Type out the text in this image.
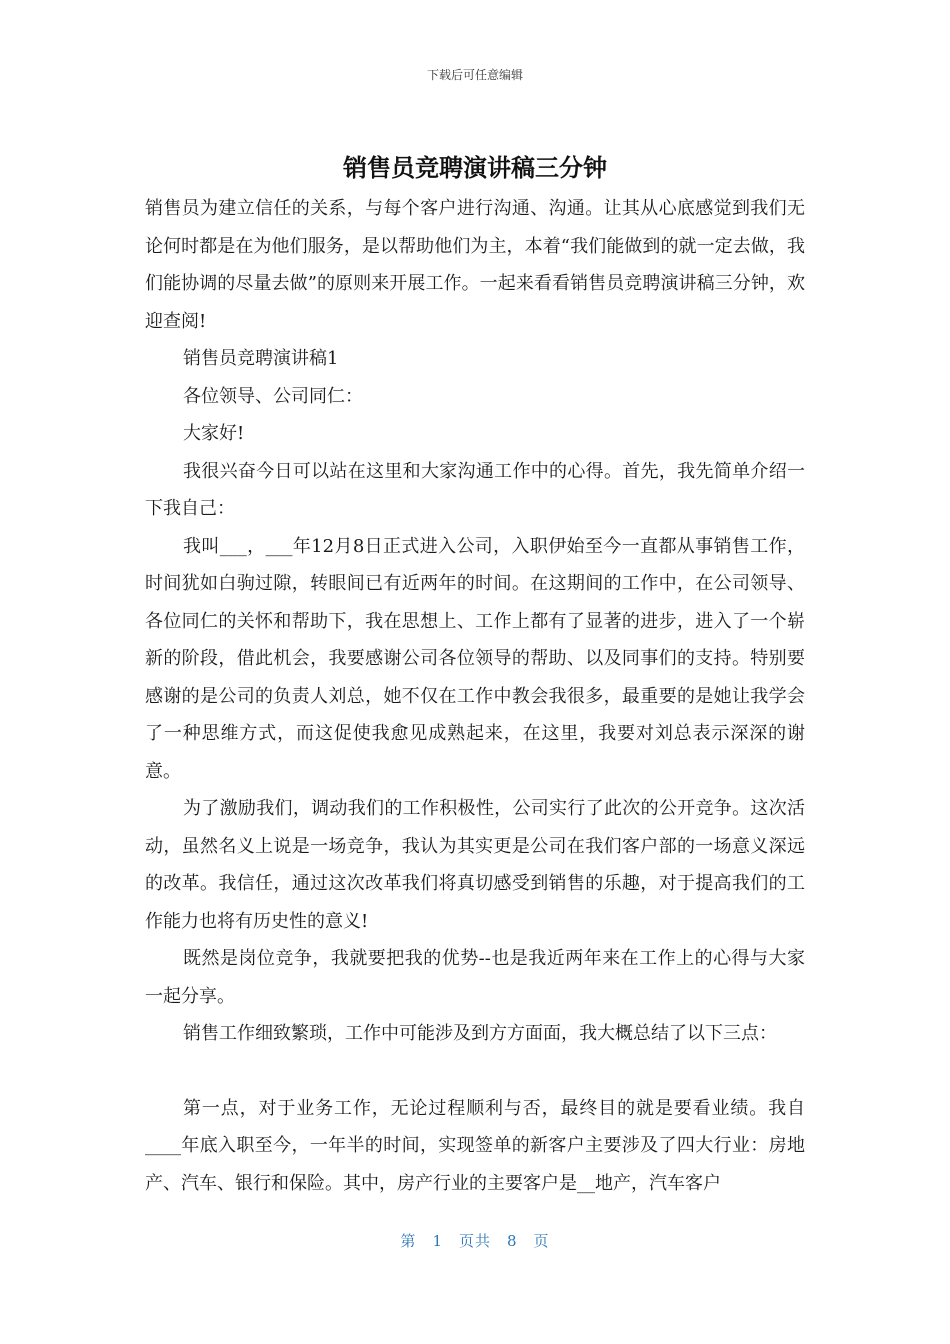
下载后可任意编辑
销售员竞聘演讲稿三分钟

销售员为建立信任的关系，与每个客户进行沟通、沟通。让其从心底感觉到我们无论何时都是在为他们服务，是以帮助他们为主，本着“我们能做到的就一定去做，我们能协调的尽量去做”的原则来开展工作。一起来看看销售员竞聘演讲稿三分钟，欢迎查阅!

销售员竞聘演讲稿1

各位领导、公司同仁：

大家好!

我很兴奋今日可以站在这里和大家沟通工作中的心得。首先，我先简单介绍一下我自己：

我叫___，___年12月8日正式进入公司，入职伊始至今一直都从事销售工作，时间犹如白驹过隙，转眼间已有近两年的时间。在这期间的工作中，在公司领导、各位同仁的关怀和帮助下，我在思想上、工作上都有了显著的进步，进入了一个崭新的阶段，借此机会，我要感谢公司各位领导的帮助、以及同事们的支持。特别要感谢的是公司的负责人刘总，她不仅在工作中教会我很多，最重要的是她让我学会了一种思维方式，而这促使我愈见成熟起来，在这里，我要对刘总表示深深的谢意。

为了激励我们，调动我们的工作积极性，公司实行了此次的公开竞争。这次活动，虽然名义上说是一场竞争，我认为其实更是公司在我们客户部的一场意义深远的改革。我信任，通过这次改革我们将真切感受到销售的乐趣，对于提高我们的工作能力也将有历史性的意义!

既然是岗位竞争，我就要把我的优势--也是我近两年来在工作上的心得与大家一起分享。

销售工作细致繁琐，工作中可能涉及到方方面面，我大概总结了以下三点：

第一点，对于业务工作，无论过程顺利与否，最终目的就是要看业绩。我自____年底入职至今，一年半的时间，实现签单的新客户主要涉及了四大行业：房地产、汽车、银行和保险。其中，房产行业的主要客户是__地产，汽车客户

第 1 页共 8 页
